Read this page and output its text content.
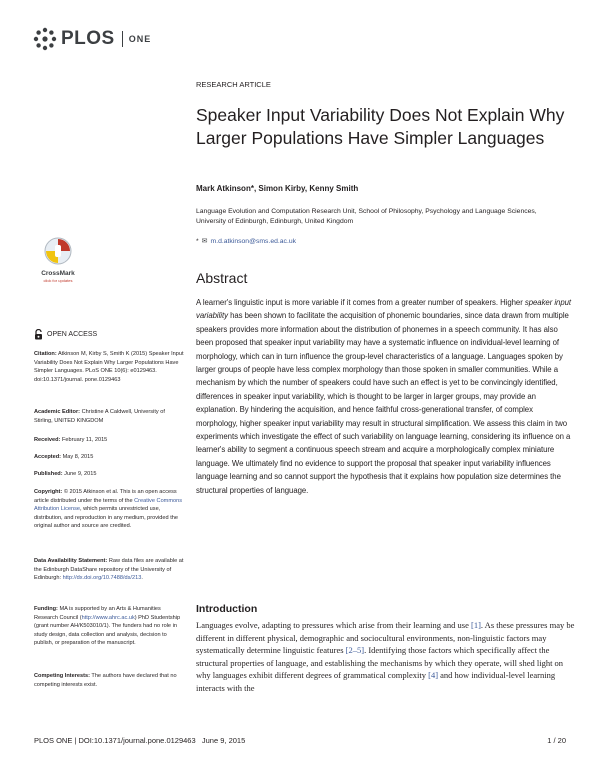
PLOS ONE
RESEARCH ARTICLE
Speaker Input Variability Does Not Explain Why Larger Populations Have Simpler Languages
Mark Atkinson*, Simon Kirby, Kenny Smith
Language Evolution and Computation Research Unit, School of Philosophy, Psychology and Language Sciences, University of Edinburgh, Edinburgh, United Kingdom
* ✉ m.d.atkinson@sms.ed.ac.uk
CrossMark
click for updates
OPEN ACCESS
Citation: Atkinson M, Kirby S, Smith K (2015) Speaker Input Variability Does Not Explain Why Larger Populations Have Simpler Languages. PLoS ONE 10(6): e0129463. doi:10.1371/journal. pone.0129463
Academic Editor: Christine A Caldwell, University of Stirling, UNITED KINGDOM
Received: February 11, 2015
Accepted: May 8, 2015
Published: June 9, 2015
Copyright: © 2015 Atkinson et al. This is an open access article distributed under the terms of the Creative Commons Attribution License, which permits unrestricted use, distribution, and reproduction in any medium, provided the original author and source are credited.
Data Availability Statement: Raw data files are available at the Edinburgh DataShare repository of the University of Edinburgh: http://dx.doi.org/10.7488/ds/213.
Funding: MA is supported by an Arts & Humanities Research Council (http://www.ahrc.ac.uk) PhD Studentship (grant number AH/K503010/1). The funders had no role in study design, data collection and analysis, decision to publish, or preparation of the manuscript.
Competing Interests: The authors have declared that no competing interests exist.
Abstract

A learner's linguistic input is more variable if it comes from a greater number of speakers. Higher speaker input variability has been shown to facilitate the acquisition of phonemic boundaries, since data drawn from multiple speakers provides more information about the distribution of phonemes in a speech community. It has also been proposed that speaker input variability may have a systematic influence on individual-level learning of morphology, which can in turn influence the group-level characteristics of a language. Languages spoken by larger groups of people have less complex morphology than those spoken in smaller communities. While a mechanism by which the number of speakers could have such an effect is yet to be convincingly identified, differences in speaker input variability, which is thought to be larger in larger groups, may provide an explanation. By hindering the acquisition, and hence faithful cross-generational transfer, of complex morphology, higher speaker input variability may result in structural simplification. We assess this claim in two experiments which investigate the effect of such variability on language learning, considering its influence on a learner's ability to segment a continuous speech stream and acquire a morphologically complex miniature language. We ultimately find no evidence to support the proposal that speaker input variability influences language learning and so cannot support the hypothesis that it explains how population size determines the structural properties of language.

Introduction

Languages evolve, adapting to pressures which arise from their learning and use [1]. As these pressures may be different in different physical, demographic and sociocultural environments, non-linguistic factors may systematically determine linguistic features [2–5]. Identifying those factors which specifically affect the structural properties of language, and establishing the mechanisms by which they operate, will shed light on why languages exhibit different degrees of grammatical complexity [4] and how individual-level learning interacts with the

PLOS ONE | DOI:10.1371/journal.pone.0129463   June 9, 2015	1 / 20
